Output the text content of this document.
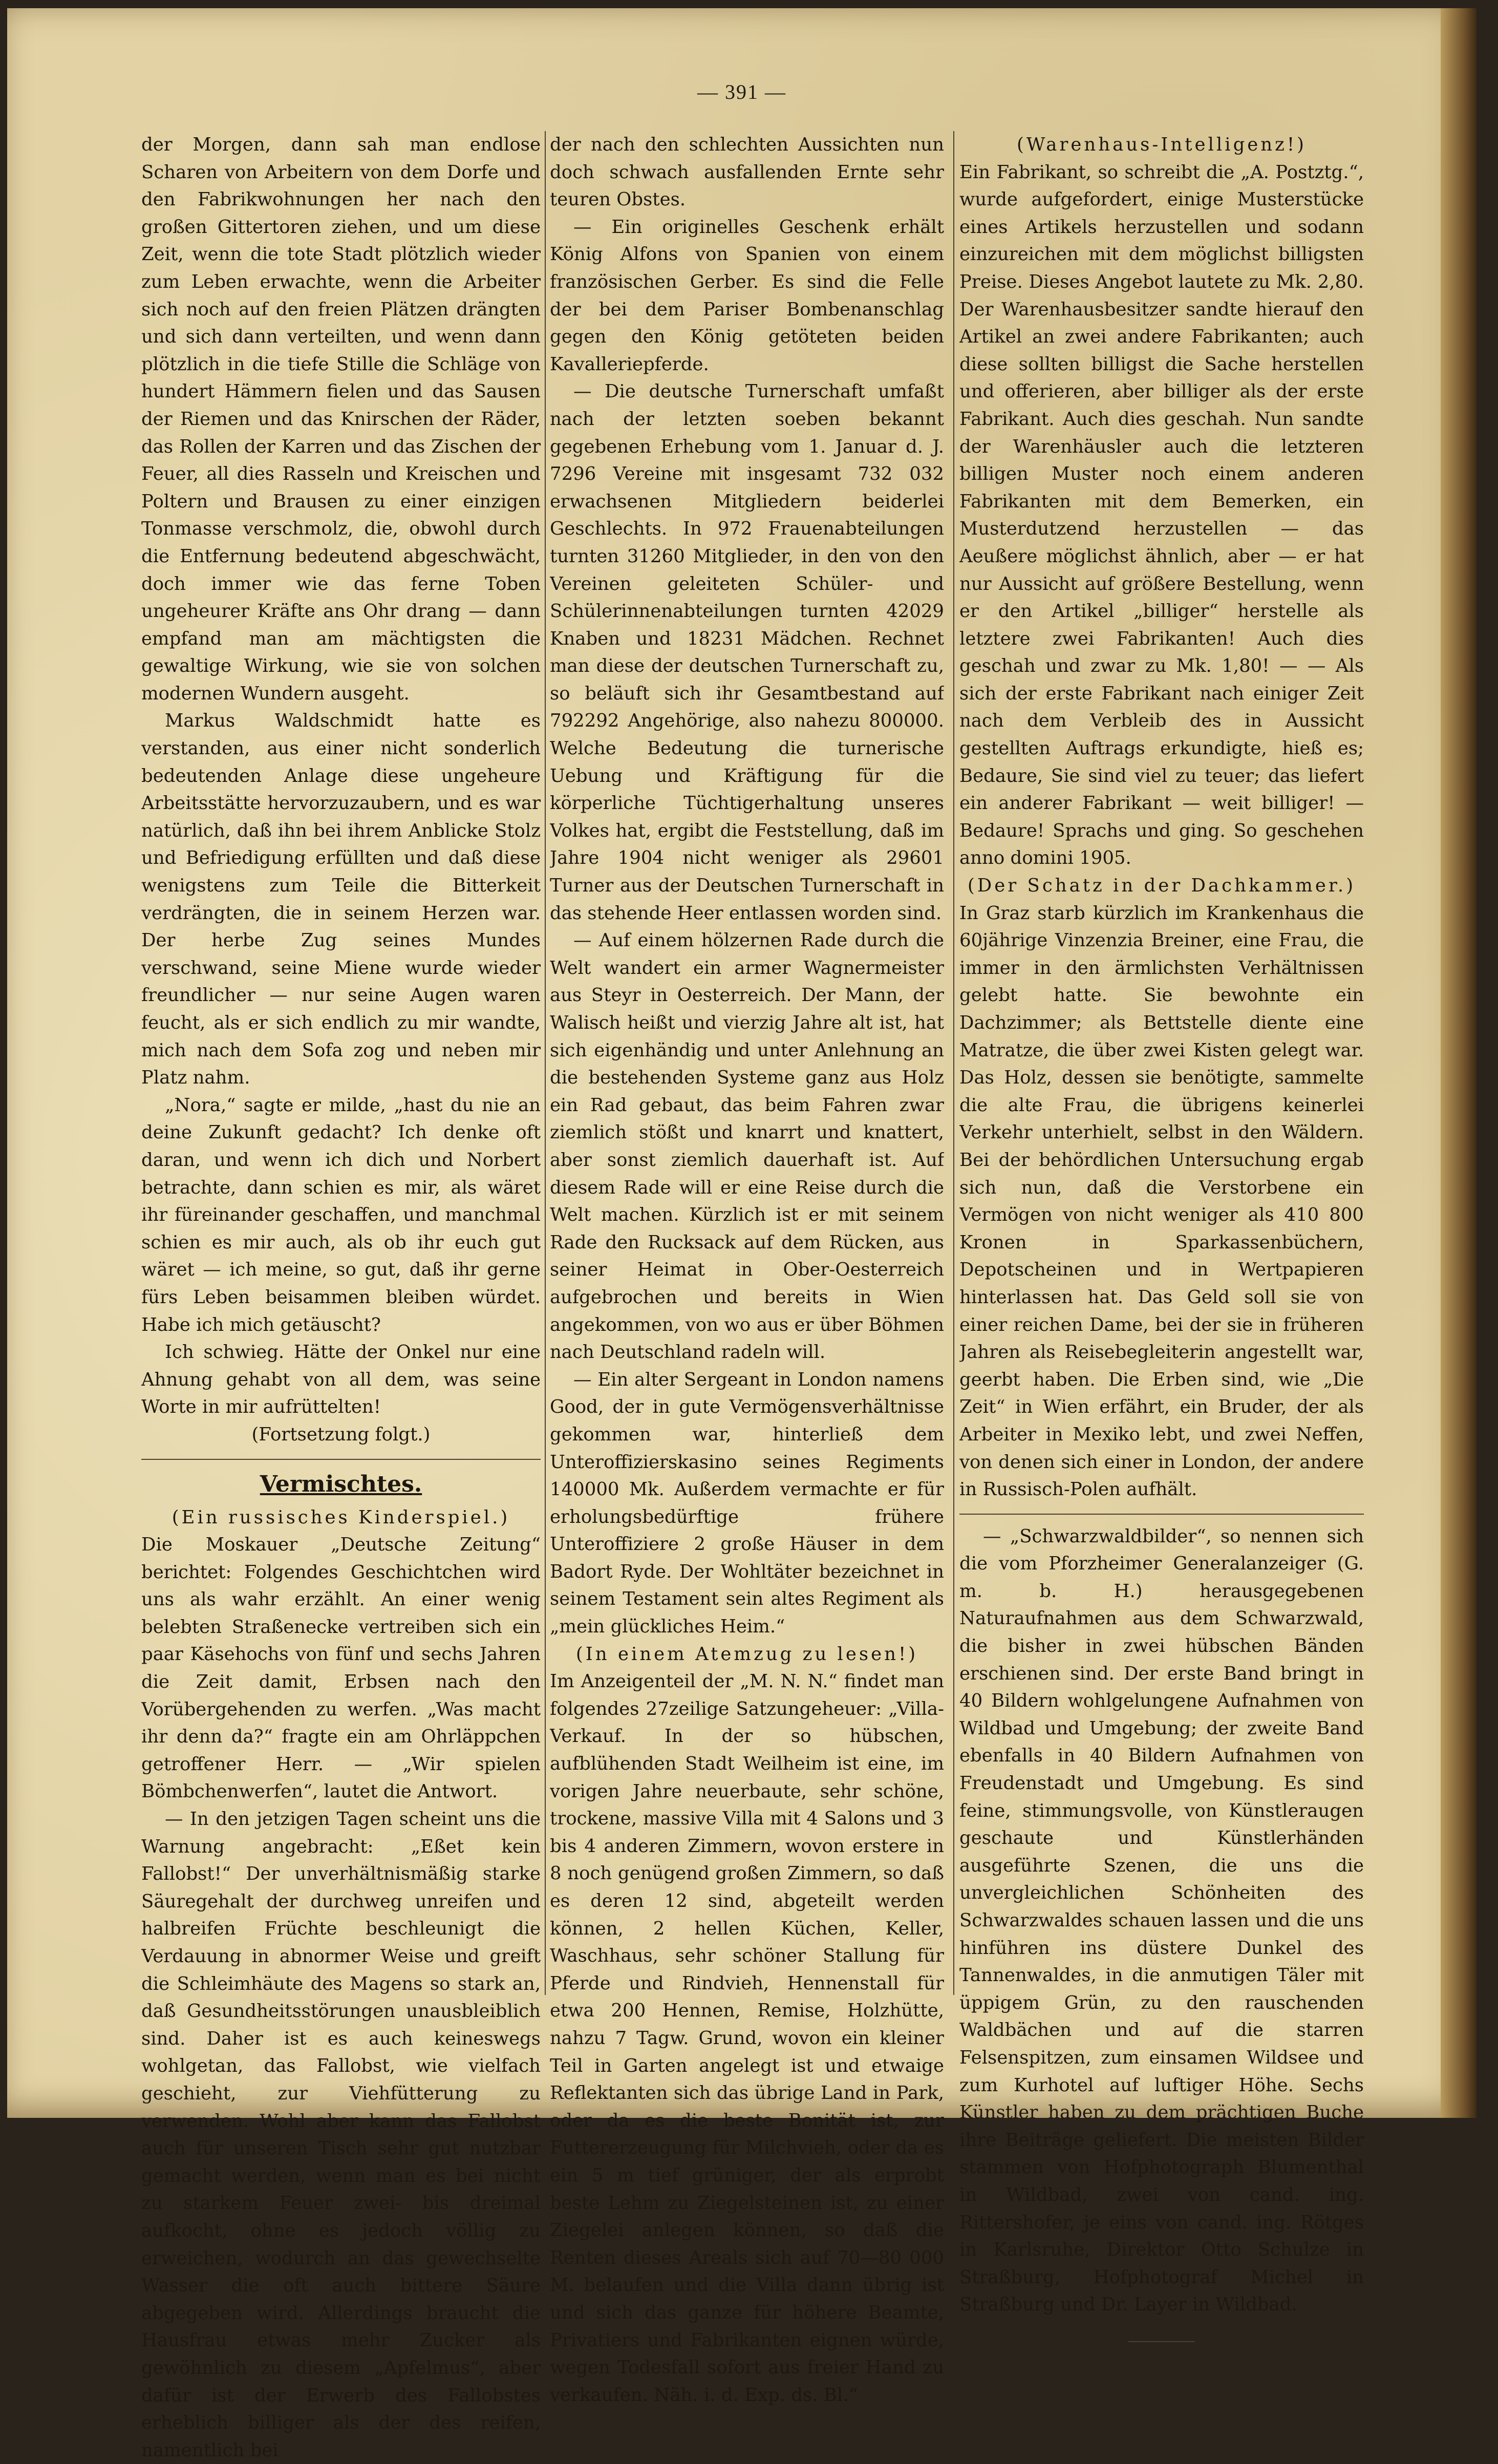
— 391 —

der Morgen, dann sah man endlose Scharen von Arbeitern von dem Dorfe und den Fabrikwohnungen her nach den großen Gittertoren ziehen, und um diese Zeit, wenn die tote Stadt plötzlich wieder zum Leben erwachte, wenn die Arbeiter sich noch auf den freien Plätzen drängten und sich dann verteilten, und wenn dann plötzlich in die tiefe Stille die Schläge von hundert Hämmern fielen und das Sausen der Riemen und das Knirschen der Räder, das Rollen der Karren und das Zischen der Feuer, all dies Rasseln und Kreischen und Poltern und Brausen zu einer einzigen Tonmasse verschmolz, die, obwohl durch die Entfernung bedeutend abgeschwächt, doch immer wie das ferne Toben ungeheurer Kräfte ans Ohr drang — dann empfand man am mächtigsten die gewaltige Wirkung, wie sie von solchen modernen Wundern ausgeht.

Markus Waldschmidt hatte es verstanden, aus einer nicht sonderlich bedeutenden Anlage diese ungeheure Arbeitsstätte hervorzuzaubern, und es war natürlich, daß ihn bei ihrem Anblicke Stolz und Befriedigung erfüllten und daß diese wenigstens zum Teile die Bitterkeit verdrängten, die in seinem Herzen war. Der herbe Zug seines Mundes verschwand, seine Miene wurde wieder freundlicher — nur seine Augen waren feucht, als er sich endlich zu mir wandte, mich nach dem Sofa zog und neben mir Platz nahm.

„Nora,“ sagte er milde, „hast du nie an deine Zukunft gedacht? Ich denke oft daran, und wenn ich dich und Norbert betrachte, dann schien es mir, als wäret ihr füreinander geschaffen, und manchmal schien es mir auch, als ob ihr euch gut wäret — ich meine, so gut, daß ihr gerne fürs Leben beisammen bleiben würdet. Habe ich mich getäuscht?

Ich schwieg. Hätte der Onkel nur eine Ahnung gehabt von all dem, was seine Worte in mir aufrüttelten!

(Fortsetzung folgt.)

Vermischtes.

(Ein russisches Kinderspiel.)

Die Moskauer „Deutsche Zeitung“ berichtet: Folgendes Geschichtchen wird uns als wahr erzählt. An einer wenig belebten Straßenecke vertreiben sich ein paar Käsehochs von fünf und sechs Jahren die Zeit damit, Erbsen nach den Vorübergehenden zu werfen. „Was macht ihr denn da?“ fragte ein am Ohrläppchen getroffener Herr. — „Wir spielen Bömbchenwerfen“, lautet die Antwort.

— In den jetzigen Tagen scheint uns die Warnung angebracht: „Eßet kein Fallobst!“ Der unverhältnismäßig starke Säuregehalt der durchweg unreifen und halbreifen Früchte beschleunigt die Verdauung in abnormer Weise und greift die Schleimhäute des Magens so stark an, daß Gesundheitsstörungen unausbleiblich sind. Daher ist es auch keineswegs wohlgetan, das Fallobst, wie vielfach geschieht, zur Viehfütterung zu verwenden. Wohl aber kann das Fallobst auch für unseren Tisch sehr gut nutzbar gemacht werden, wenn man es bei nicht zu starkem Feuer zwei- bis dreimal aufkocht, ohne es jedoch völlig zu erweichen, wodurch an das gewechselte Wasser die oft auch bittere Säure abgegeben wird. Allerdings braucht die Hausfrau etwas mehr Zucker als gewöhnlich zu diesem „Apfelmus“, aber dafür ist der Erwerb des Fallobstes erheblich billiger als der des reifen, namentlich bei

der nach den schlechten Aussichten nun doch schwach ausfallenden Ernte sehr teuren Obstes.

— Ein originelles Geschenk erhält König Alfons von Spanien von einem französischen Gerber. Es sind die Felle der bei dem Pariser Bombenanschlag gegen den König getöteten beiden Kavalleriepferde.

— Die deutsche Turnerschaft umfaßt nach der letzten soeben bekannt gegebenen Erhebung vom 1. Januar d. J. 7296 Vereine mit insgesamt 732 032 erwachsenen Mitgliedern beiderlei Geschlechts. In 972 Frauenabteilungen turnten 31260 Mitglieder, in den von den Vereinen geleiteten Schüler- und Schülerinnenabteilungen turnten 42029 Knaben und 18231 Mädchen. Rechnet man diese der deutschen Turnerschaft zu, so beläuft sich ihr Gesamtbestand auf 792292 Angehörige, also nahezu 800000. Welche Bedeutung die turnerische Uebung und Kräftigung für die körperliche Tüchtigerhaltung unseres Volkes hat, ergibt die Feststellung, daß im Jahre 1904 nicht weniger als 29601 Turner aus der Deutschen Turnerschaft in das stehende Heer entlassen worden sind.

— Auf einem hölzernen Rade durch die Welt wandert ein armer Wagnermeister aus Steyr in Oesterreich. Der Mann, der Walisch heißt und vierzig Jahre alt ist, hat sich eigenhändig und unter Anlehnung an die bestehenden Systeme ganz aus Holz ein Rad gebaut, das beim Fahren zwar ziemlich stößt und knarrt und knattert, aber sonst ziemlich dauerhaft ist. Auf diesem Rade will er eine Reise durch die Welt machen. Kürzlich ist er mit seinem Rade den Rucksack auf dem Rücken, aus seiner Heimat in Ober-Oesterreich aufgebrochen und bereits in Wien angekommen, von wo aus er über Böhmen nach Deutschland radeln will.

— Ein alter Sergeant in London namens Good, der in gute Vermögensverhältnisse gekommen war, hinterließ dem Unteroffizierskasino seines Regiments 140000 Mk. Außerdem vermachte er für erholungsbedürftige frühere Unteroffiziere 2 große Häuser in dem Badort Ryde. Der Wohltäter bezeichnet in seinem Testament sein altes Regiment als „mein glückliches Heim.“

(In einem Atemzug zu lesen!)

Im Anzeigenteil der „M. N. N.“ findet man folgendes 27zeilige Satzungeheuer: „Villa-Verkauf. In der so hübschen, aufblühenden Stadt Weilheim ist eine, im vorigen Jahre neuerbaute, sehr schöne, trockene, massive Villa mit 4 Salons und 3 bis 4 anderen Zimmern, wovon erstere in 8 noch genügend großen Zimmern, so daß es deren 12 sind, abgeteilt werden können, 2 hellen Küchen, Keller, Waschhaus, sehr schöner Stallung für Pferde und Rindvieh, Hennenstall für etwa 200 Hennen, Remise, Holzhütte, nahzu 7 Tagw. Grund, wovon ein kleiner Teil in Garten angelegt ist und etwaige Reflektanten sich das übrige Land in Park, oder da es die beste Bonität ist, zur Futtererzeugung für Milchvieh, oder da es ein 5 m tief grüniger, der als erprobt beste Lehm zu Ziegelsteinen ist, zu einer Ziegelei anlegen können, so daß die Renten dieses Areals sich auf 70—80 000 M. belaufen und die Villa dann übrig ist und sich das ganze für höhere Beamte, Privatiers und Fabrikanten eignen würde, wegen Todesfall sofort aus freier Hand zu verkaufen. Näh. i. d. Exp. ds. Bl.“

(Warenhaus-Intelligenz!)

Ein Fabrikant, so schreibt die „A. Postztg.“, wurde aufgefordert, einige Musterstücke eines Artikels herzustellen und sodann einzureichen mit dem möglichst billigsten Preise. Dieses Angebot lautete zu Mk. 2,80. Der Warenhausbesitzer sandte hierauf den Artikel an zwei andere Fabrikanten; auch diese sollten billigst die Sache herstellen und offerieren, aber billiger als der erste Fabrikant. Auch dies geschah. Nun sandte der Warenhäusler auch die letzteren billigen Muster noch einem anderen Fabrikanten mit dem Bemerken, ein Musterdutzend herzustellen — das Aeußere möglichst ähnlich, aber — er hat nur Aussicht auf größere Bestellung, wenn er den Artikel „billiger“ herstelle als letztere zwei Fabrikanten! Auch dies geschah und zwar zu Mk. 1,80! — — Als sich der erste Fabrikant nach einiger Zeit nach dem Verbleib des in Aussicht gestellten Auftrags erkundigte, hieß es; Bedaure, Sie sind viel zu teuer; das liefert ein anderer Fabrikant — weit billiger! — Bedaure! Sprachs und ging. So geschehen anno domini 1905.

(Der Schatz in der Dachkammer.)

In Graz starb kürzlich im Krankenhaus die 60jährige Vinzenzia Breiner, eine Frau, die immer in den ärmlichsten Verhältnissen gelebt hatte. Sie bewohnte ein Dachzimmer; als Bettstelle diente eine Matratze, die über zwei Kisten gelegt war. Das Holz, dessen sie benötigte, sammelte die alte Frau, die übrigens keinerlei Verkehr unterhielt, selbst in den Wäldern. Bei der behördlichen Untersuchung ergab sich nun, daß die Verstorbene ein Vermögen von nicht weniger als 410 800 Kronen in Sparkassenbüchern, Depotscheinen und in Wertpapieren hinterlassen hat. Das Geld soll sie von einer reichen Dame, bei der sie in früheren Jahren als Reisebegleiterin angestellt war, geerbt haben. Die Erben sind, wie „Die Zeit“ in Wien erfährt, ein Bruder, der als Arbeiter in Mexiko lebt, und zwei Neffen, von denen sich einer in London, der andere in Russisch-Polen aufhält.

— „Schwarzwaldbilder“, so nennen sich die vom Pforzheimer Generalanzeiger (G. m. b. H.) herausgegebenen Naturaufnahmen aus dem Schwarzwald, die bisher in zwei hübschen Bänden erschienen sind. Der erste Band bringt in 40 Bildern wohlgelungene Aufnahmen von Wildbad und Umgebung; der zweite Band ebenfalls in 40 Bildern Aufnahmen von Freudenstadt und Umgebung. Es sind feine, stimmungsvolle, von Künstleraugen geschaute und Künstlerhänden ausgeführte Szenen, die uns die unvergleichlichen Schönheiten des Schwarzwaldes schauen lassen und die uns hinführen ins düstere Dunkel des Tannenwaldes, in die anmutigen Täler mit üppigem Grün, zu den rauschenden Waldbächen und auf die starren Felsenspitzen, zum einsamen Wildsee und zum Kurhotel auf luftiger Höhe. Sechs Künstler haben zu dem prächtigen Buche ihre Beiträge geliefert. Die meisten Bilder stammen von Hofphotograph Blumenthal in Wildbad, zwei von cand. ing. Rittershofer, je eins von cand. ing. Rötges in Karlsruhe, Direktor Otto Schulze in Straßburg, Hofphotograf Michel in Straßburg und Dr. Layer in Wildbad.
